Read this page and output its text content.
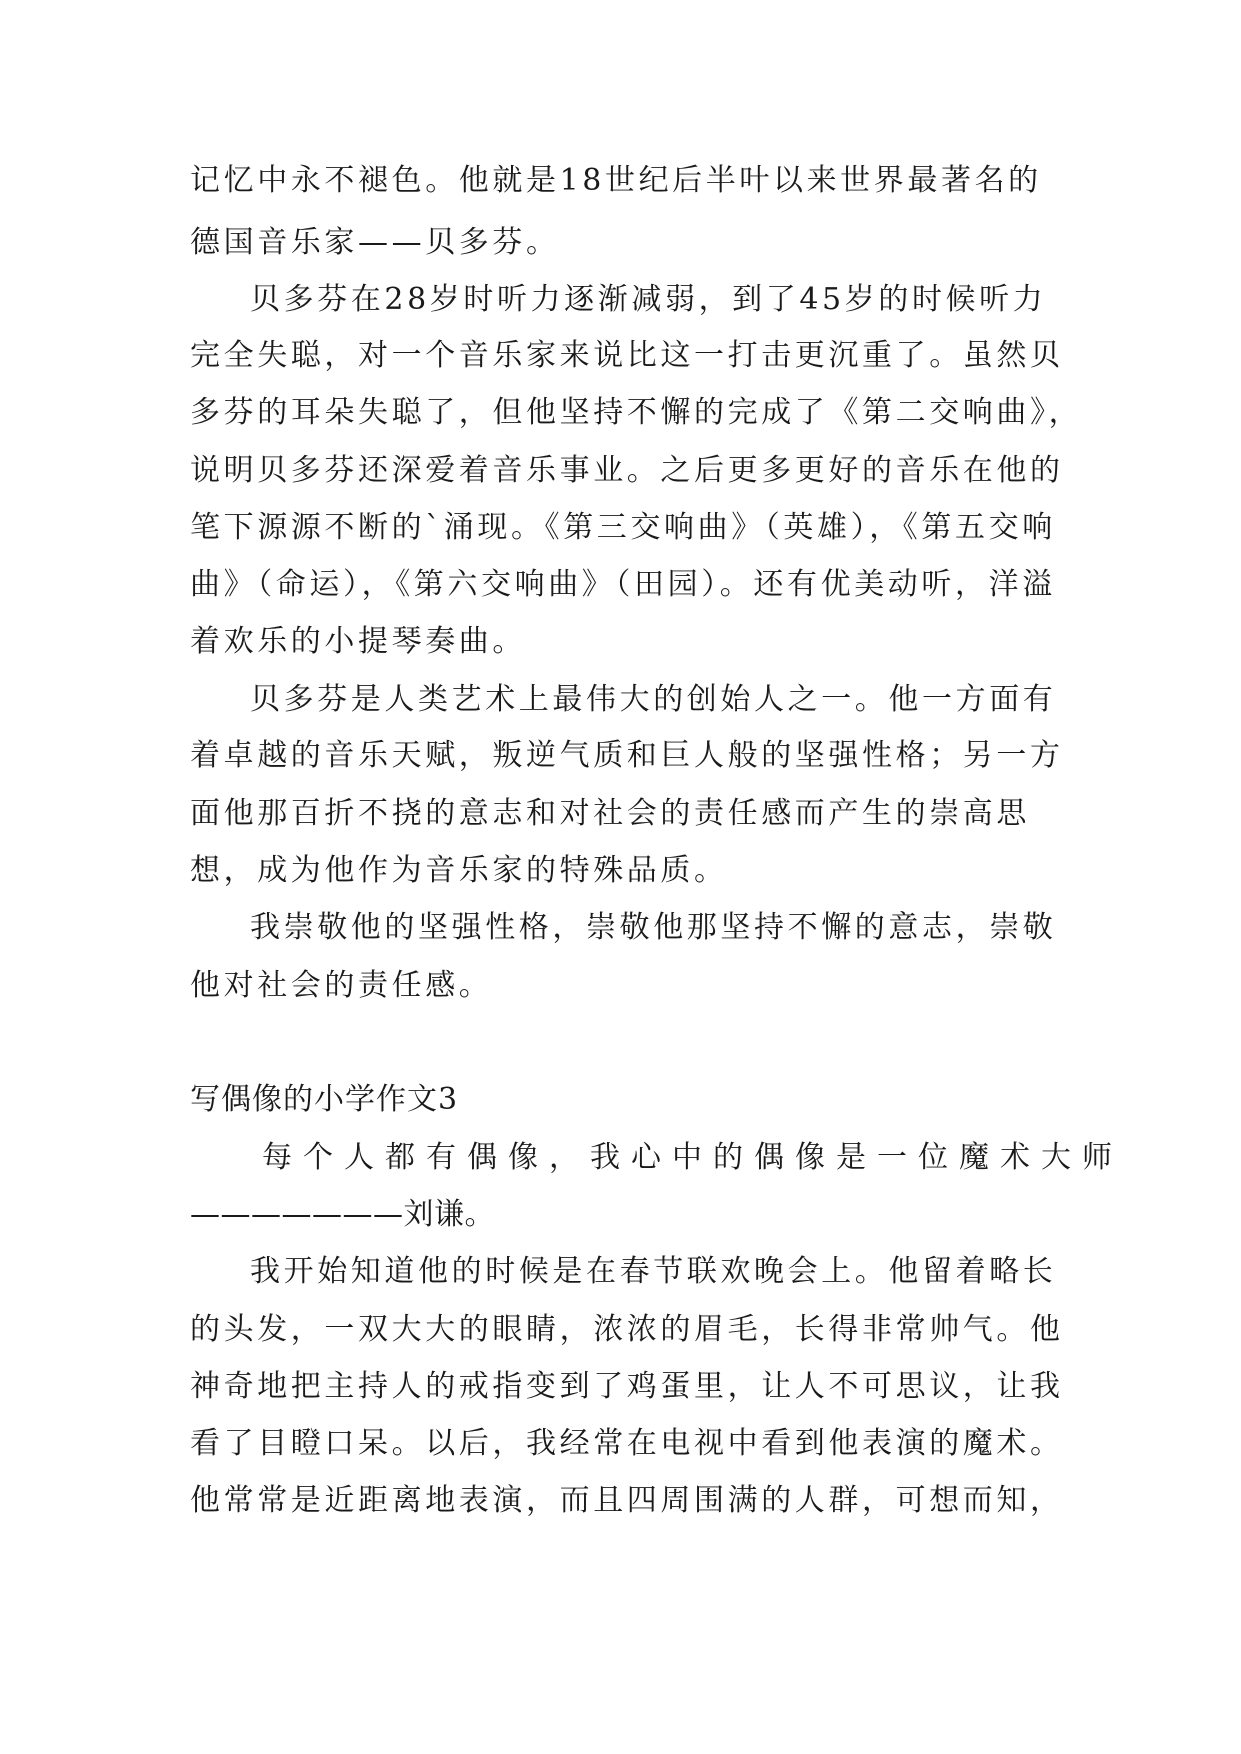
记忆中永不褪色。他就是18世纪后半叶以来世界最著名的
德国音乐家——贝多芬。
贝多芬在28岁时听力逐渐减弱，到了45岁的时候听力
完全失聪，对一个音乐家来说比这一打击更沉重了。虽然贝
多芬的耳朵失聪了，但他坚持不懈的完成了《第二交响曲》，
说明贝多芬还深爱着音乐事业。之后更多更好的音乐在他的
笔下源源不断的`涌现。《第三交响曲》（英雄），《第五交响
曲》（命运），《第六交响曲》（田园）。还有优美动听，洋溢
着欢乐的小提琴奏曲。
贝多芬是人类艺术上最伟大的创始人之一。他一方面有
着卓越的音乐天赋，叛逆气质和巨人般的坚强性格；另一方
面他那百折不挠的意志和对社会的责任感而产生的崇高思
想，成为他作为音乐家的特殊品质。
我崇敬他的坚强性格，崇敬他那坚持不懈的意志，崇敬
他对社会的责任感。
写偶像的小学作文3
每个人都有偶像，我心中的偶像是一位魔术大师
———————刘谦。
我开始知道他的时候是在春节联欢晚会上。他留着略长
的头发，一双大大的眼睛，浓浓的眉毛，长得非常帅气。他
神奇地把主持人的戒指变到了鸡蛋里，让人不可思议，让我
看了目瞪口呆。以后，我经常在电视中看到他表演的魔术。
他常常是近距离地表演，而且四周围满的人群，可想而知，
